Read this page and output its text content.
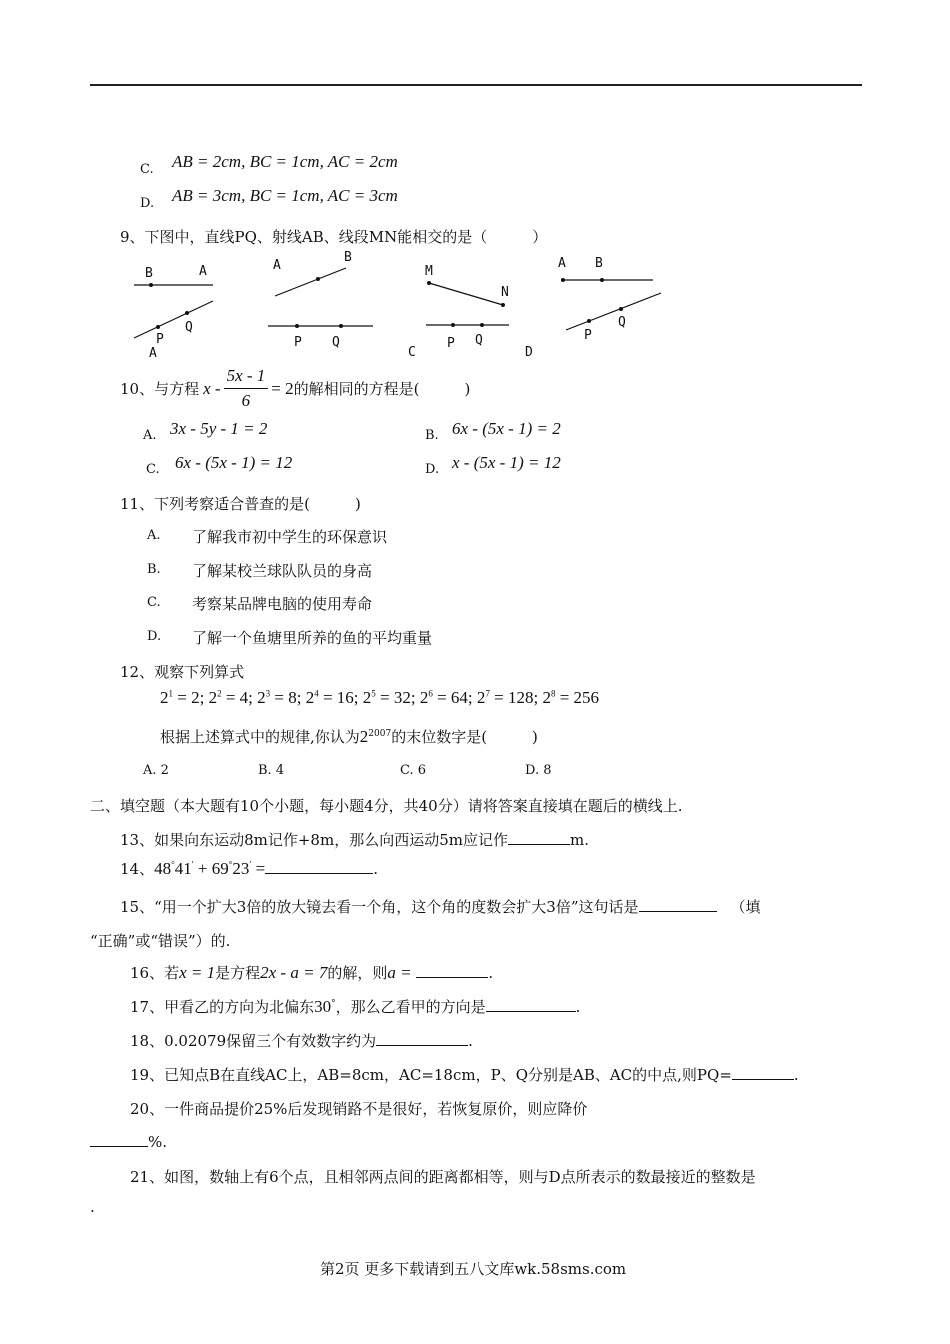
C. AB = 2cm, BC = 1cm, AC = 2cm
D. AB = 3cm, BC = 1cm, AC = 3cm
9、下图中，直线PQ、射线AB、线段MN能相交的是（　　　）
B	A
P
Q
A
A
B
P Q
M
N
P Q
C
A B
P
Q
D
10、与方程 $x - \frac{5x - 1}{6} = 2$ 的解相同的方程是(　　　)
A. 3x - 5y - 1 = 2	B. 6x - (5x - 1) = 2
C. 6x - (5x - 1) = 12	D. x - (5x - 1) = 12
11、下列考察适合普查的是(　　　)
A. 了解我市初中学生的环保意识
B. 了解某校兰球队队员的身高
C. 考察某品牌电脑的使用寿命
D. 了解一个鱼塘里所养的鱼的平均重量
12、观察下列算式
$2^1 = 2$; $2^2 = 4$; $2^3 = 8$; $2^4 = 16$; $2^5 = 32$; $2^6 = 64$; $2^7 = 128$; $2^8 = 256$
根据上述算式中的规律,你认为$2^{2007}$的末位数字是(　　　)
A. 2	B. 4	C. 6	D. 8
二、填空题（本大题有10个小题，每小题4分，共40分）请将答案直接填在题后的横线上.
13、如果向东运动8m记作+8m，那么向西运动5m应记作	m.
14、48°41′ + 69°23′ =	.
15、“用一个扩大3倍的放大镜去看一个角，这个角的度数会扩大3倍”这句话是	（填
“正确”或“错误”）的.
16、若x = 1是方程2x - a = 7的解，则a =	.
17、甲看乙的方向为北偏东30°，那么乙看甲的方向是	.
18、0.02079保留三个有效数字约为	.
19、已知点B在直线AC上，AB=8cm，AC=18cm，P、Q分别是AB、AC的中点,则PQ=	.
20、一件商品提价25%后发现销路不是很好，若恢复原价，则应降价
%.
21、如图，数轴上有6个点，且相邻两点间的距离都相等，则与D点所表示的数最接近的整数是
.
第2页 更多下载请到五八文库wk.58sms.com
